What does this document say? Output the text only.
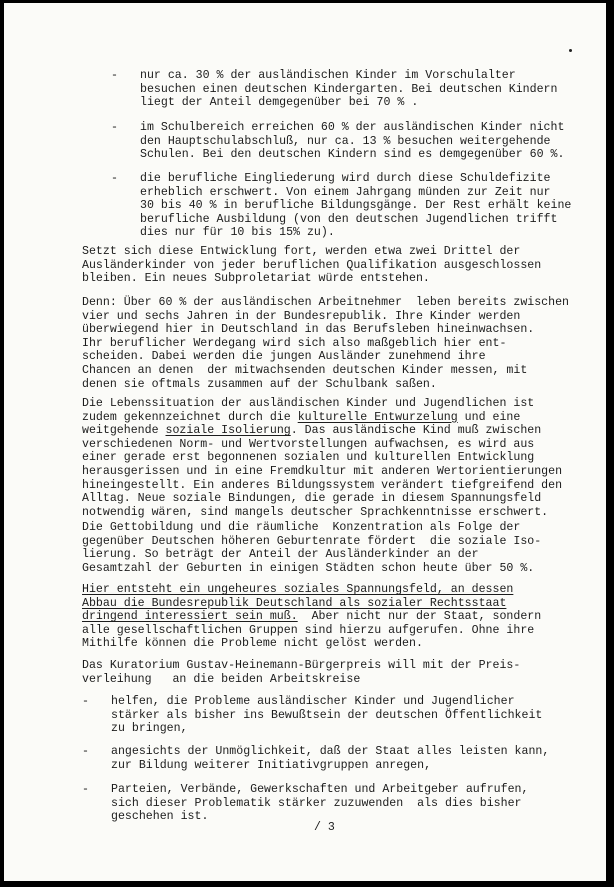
- nur ca. 30 % der ausländischen Kinder im Vorschulalter
besuchen einen deutschen Kindergarten. Bei deutschen Kindern
liegt der Anteil demgegenüber bei 70 % .
- im Schulbereich erreichen 60 % der ausländischen Kinder nicht
den Hauptschulabschluß, nur ca. 13 % besuchen weitergehende
Schulen. Bei den deutschen Kindern sind es demgegenüber 60 %.
- die berufliche Eingliederung wird durch diese Schuldefizite
erheblich erschwert. Von einem Jahrgang münden zur Zeit nur
30 bis 40 % in berufliche Bildungsgänge. Der Rest erhält keine
berufliche Ausbildung (von den deutschen Jugendlichen trifft
dies nur für 10 bis 15% zu).
Setzt sich diese Entwicklung fort, werden etwa zwei Drittel der
Ausländerkinder von jeder beruflichen Qualifikation ausgeschlossen
bleiben. Ein neues Subproletariat würde entstehen.
Denn: Über 60 % der ausländischen Arbeitnehmer  leben bereits zwischen
vier und sechs Jahren in der Bundesrepublik. Ihre Kinder werden
überwiegend hier in Deutschland in das Berufsleben hineinwachsen.
Ihr beruflicher Werdegang wird sich also maßgeblich hier ent-
scheiden. Dabei werden die jungen Ausländer zunehmend ihre
Chancen an denen  der mitwachsenden deutschen Kinder messen, mit
denen sie oftmals zusammen auf der Schulbank saßen.
Die Lebenssituation der ausländischen Kinder und Jugendlichen ist
zudem gekennzeichnet durch die kulturelle Entwurzelung und eine
weitgehende soziale Isolierung. Das ausländische Kind muß zwischen
verschiedenen Norm- und Wertvorstellungen aufwachsen, es wird aus
einer gerade erst begonnenen sozialen und kulturellen Entwicklung
herausgerissen und in eine Fremdkultur mit anderen Wertorientierungen
hineingestellt. Ein anderes Bildungssystem verändert tiefgreifend den
Alltag. Neue soziale Bindungen, die gerade in diesem Spannungsfeld
notwendig wären, sind mangels deutscher Sprachkenntnisse erschwert.
Die Gettobildung und die räumliche  Konzentration als Folge der
gegenüber Deutschen höheren Geburtenrate fördert  die soziale Iso-
lierung. So beträgt der Anteil der Ausländerkinder an der
Gesamtzahl der Geburten in einigen Städten schon heute über 50 %.
Hier entsteht ein ungeheures soziales Spannungsfeld, an dessen
Abbau die Bundesrepublik Deutschland als sozialer Rechtsstaat
dringend interessiert sein muß.  Aber nicht nur der Staat, sondern
alle gesellschaftlichen Gruppen sind hierzu aufgerufen. Ohne ihre
Mithilfe können die Probleme nicht gelöst werden.
Das Kuratorium Gustav-Heinemann-Bürgerpreis will mit der Preis-
verleihung   an die beiden Arbeitskreise
- helfen, die Probleme ausländischer Kinder und Jugendlicher
stärker als bisher ins Bewußtsein der deutschen Öffentlichkeit
zu bringen,
- angesichts der Unmöglichkeit, daß der Staat alles leisten kann,
zur Bildung weiterer Initiativgruppen anregen,
- Parteien, Verbände, Gewerkschaften und Arbeitgeber aufrufen,
sich dieser Problematik stärker zuzuwenden  als dies bisher
geschehen ist.
/ 3
